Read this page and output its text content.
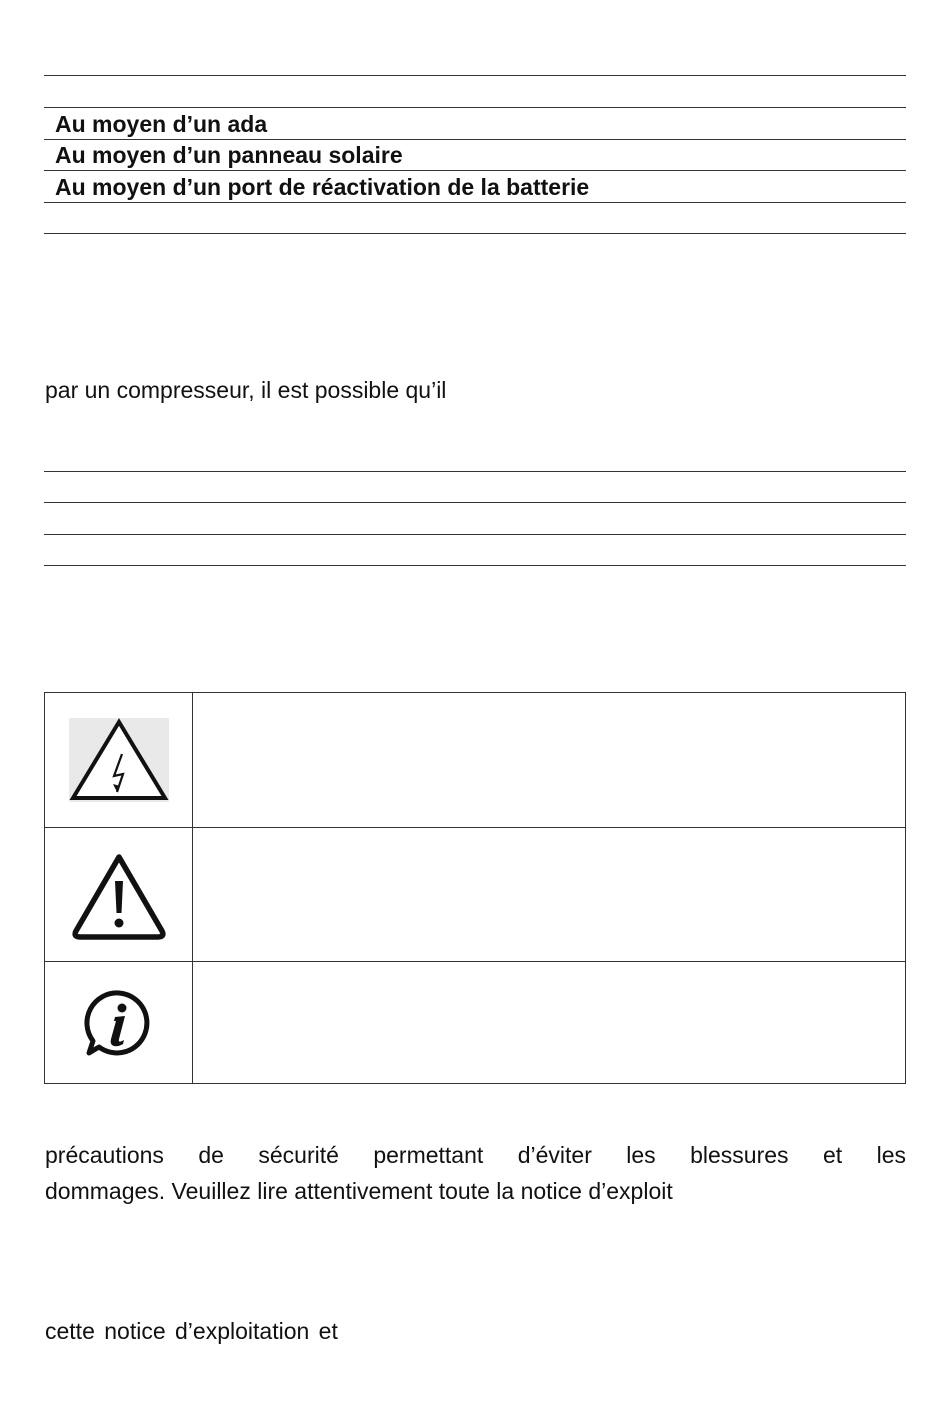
Au moyen d’un ada
Au moyen d’un panneau solaire
Au moyen d’un port de réactivation de la batterie
par un compresseur, il est possible qu’il

précautions de sécurité permettant d’éviter les blessures et les
dommages. Veuillez lire attentivement toute la notice d’exploit
cette notice d’exploitation et
